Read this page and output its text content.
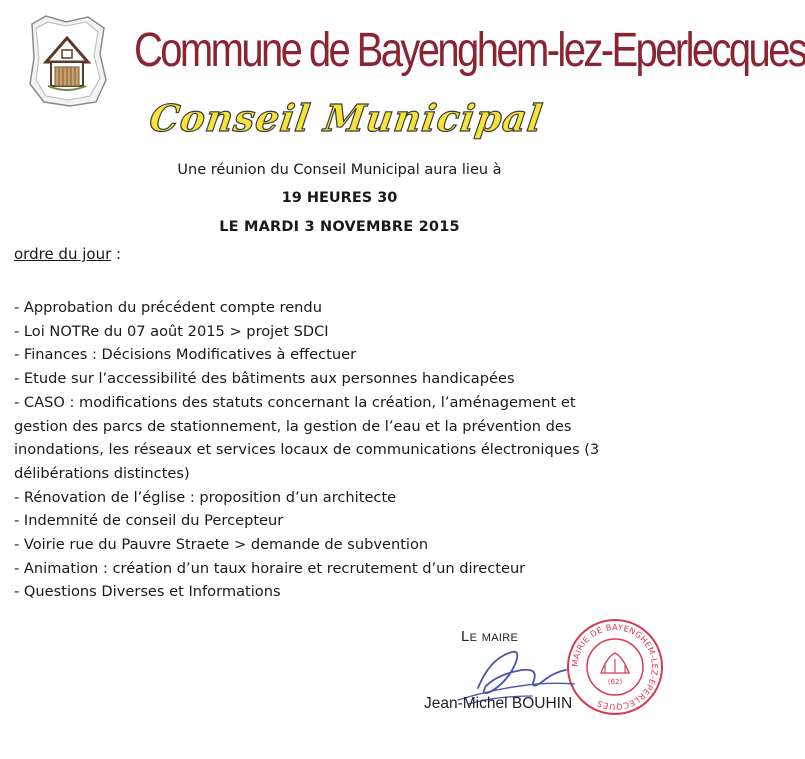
Commune de Bayenghem-lez-Eperlecques
Conseil Municipal
Une réunion du Conseil Municipal aura lieu à
19 HEURES 30
LE MARDI 3 NOVEMBRE 2015
ordre du jour :
- Approbation du précédent compte rendu
- Loi NOTRe du 07 août 2015 > projet SDCI
- Finances : Décisions Modificatives à effectuer
- Etude sur l’accessibilité des bâtiments aux personnes handicapées
- CASO : modifications des statuts concernant la création, l’aménagement et
gestion des parcs de stationnement, la gestion de l’eau et la prévention des
inondations, les réseaux et services locaux de communications électroniques (3
délibérations distinctes)
- Rénovation de l’église : proposition d’un architecte
- Indemnité de conseil du Percepteur
- Voirie rue du Pauvre Straete > demande de subvention
- Animation : création d’un taux horaire et recrutement d’un directeur
- Questions Diverses et Informations
MAIRIE DE BAYENGHEM-LEZ-EPERLECQUES
(62)
Le maire
Jean-Michel BOUHIN
